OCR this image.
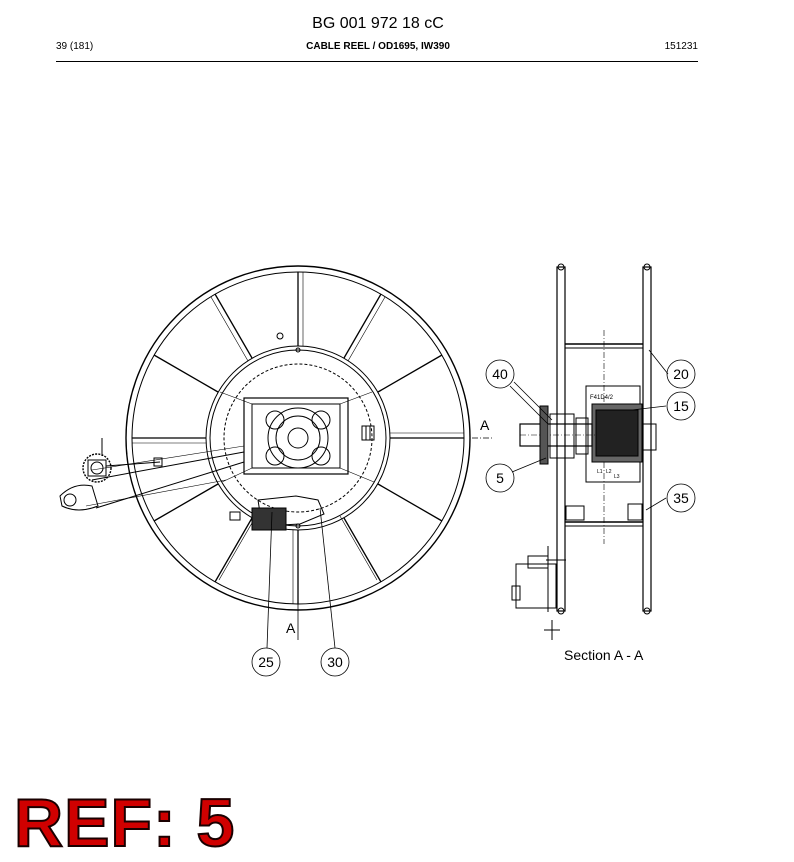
BG 001 972 18 cC
39 (181)	CABLE REEL / OD1695, IW390	151231
A
A
F41D4/2
L1 L2
L3
Section A - A
40	20
15
5
35
25	30
REF: 5
